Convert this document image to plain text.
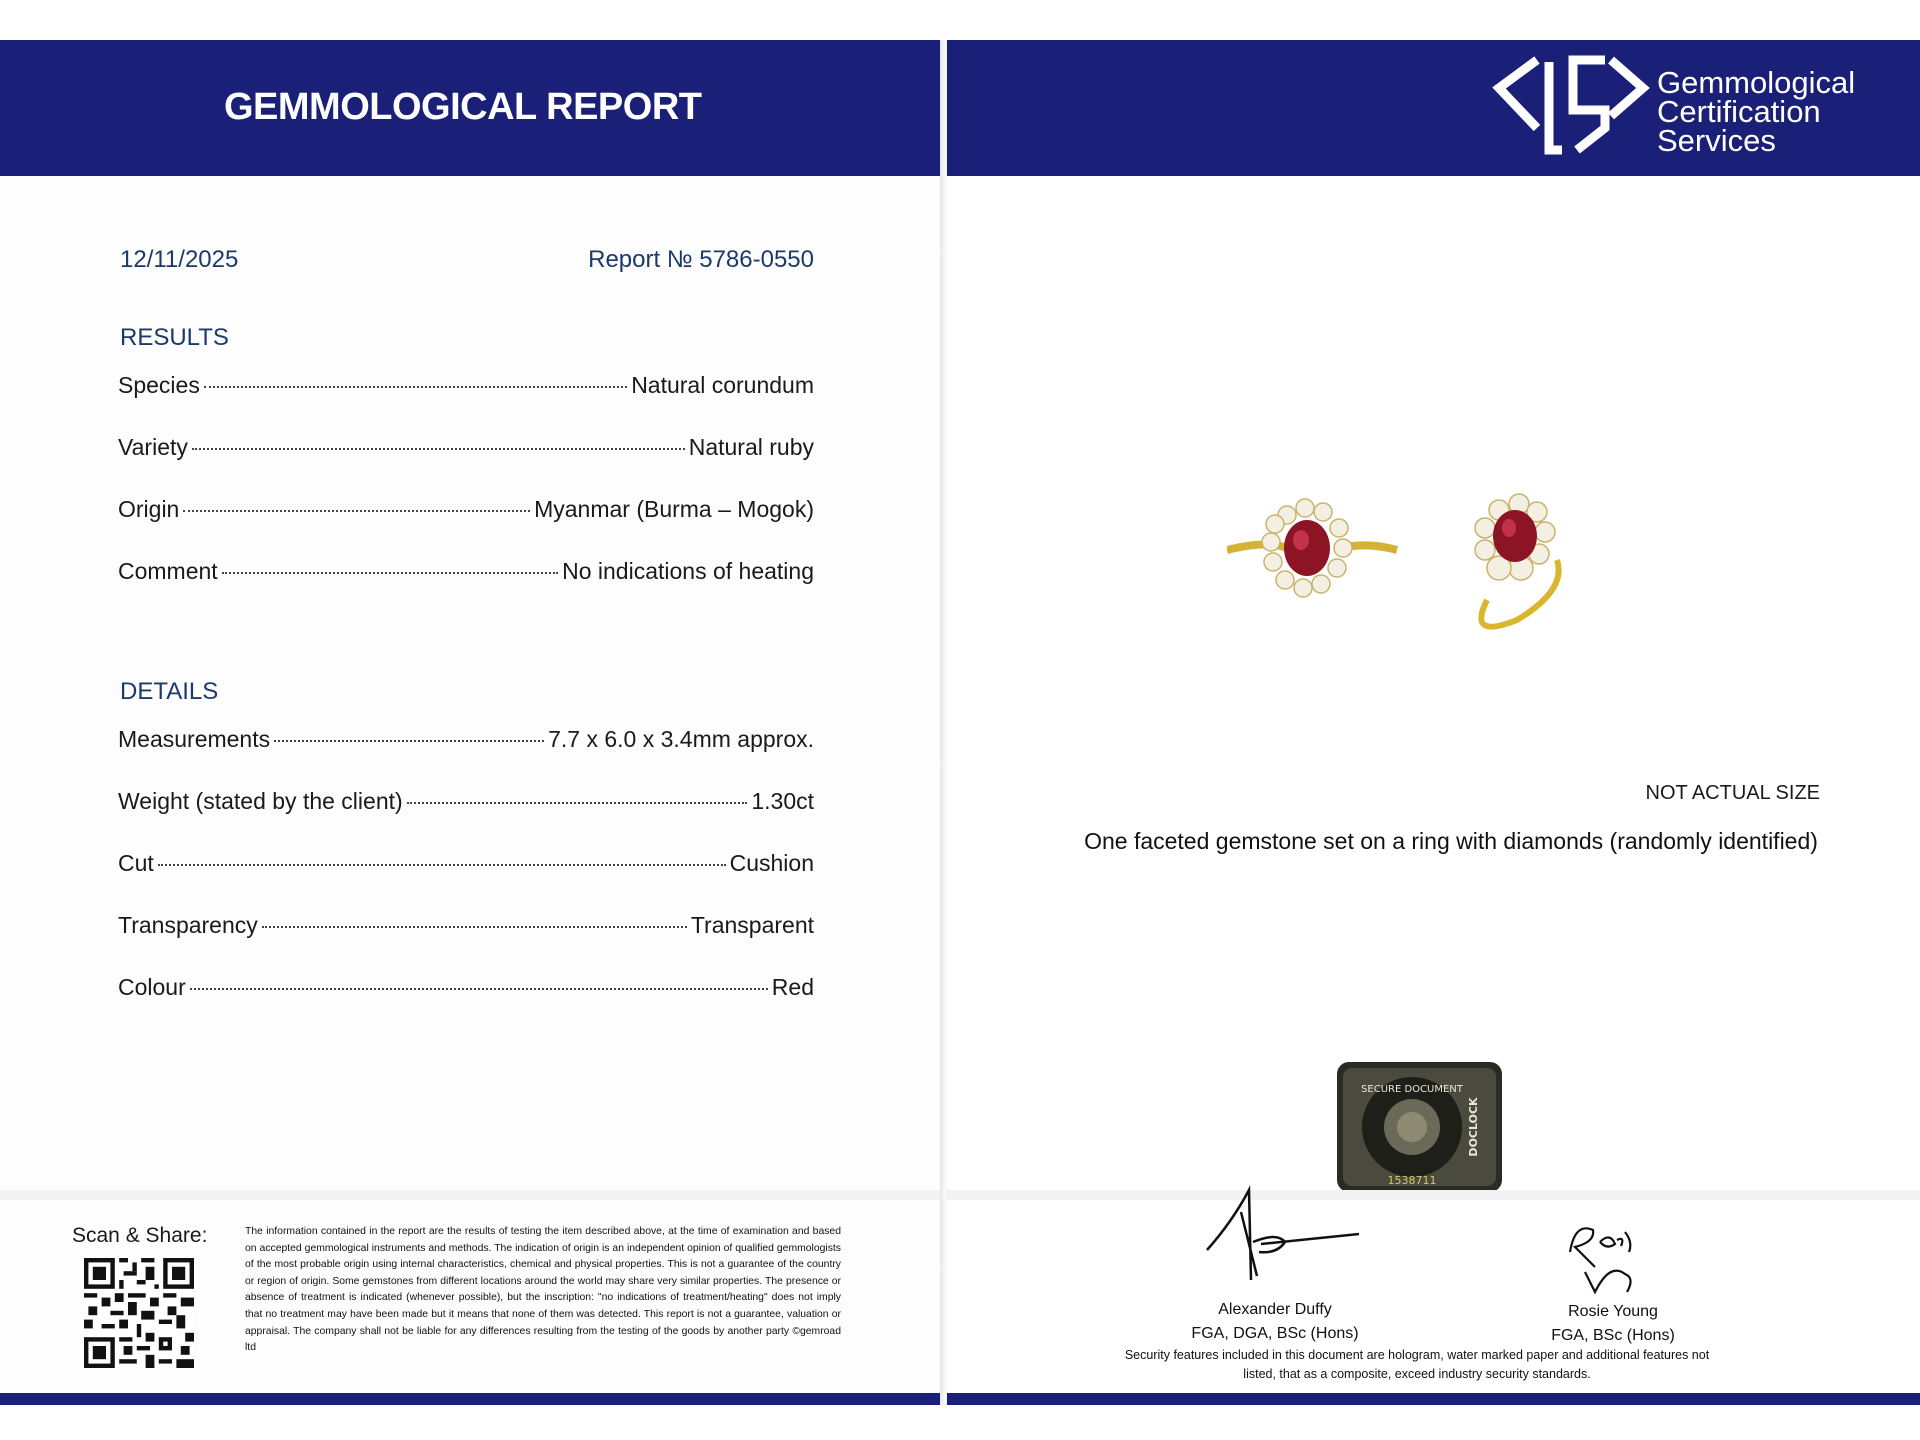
GEMMOLOGICAL REPORT
12/11/2025	Report № 5786-0550
RESULTS
Species	Natural corundum
Variety	Natural ruby
Origin	Myanmar (Burma – Mogok)
Comment	No indications of heating
DETAILS
Measurements	7.7 x 6.0 x 3.4mm approx.
Weight (stated by the client)	1.30ct
Cut	Cushion
Transparency	Transparent
Colour	Red
Scan & Share:	The information contained in the report are the results of testing the item described above, at the time of examination and based on accepted gemmological instruments and methods. The indication of origin is an independent opinion of qualified gemmologists of the most probable origin using internal characteristics, chemical and physical properties. This is not a guarantee of the country or region of origin. Some gemstones from different locations around the world may share very similar properties. The presence or absence of treatment is indicated (whenever possible), but the inscription: "no indications of treatment/heating" does not imply that no treatment may have been made but it means that none of them was detected. This report is not a guarantee, valuation or appraisal. The company shall not be liable for any differences resulting from the testing of the goods by another party ©gemroad ltd
GCS
Gemmological
Certification
Services
NOT ACTUAL SIZE
One faceted gemstone set on a ring with diamonds (randomly identified)
SECURE DOCUMENT
DOCLOCK
1538711
Alexander Duffy
FGA, DGA, BSc (Hons)
Rosie Young
FGA, BSc (Hons)
Security features included in this document are hologram, water marked paper and additional features not listed, that as a composite, exceed industry security standards.
